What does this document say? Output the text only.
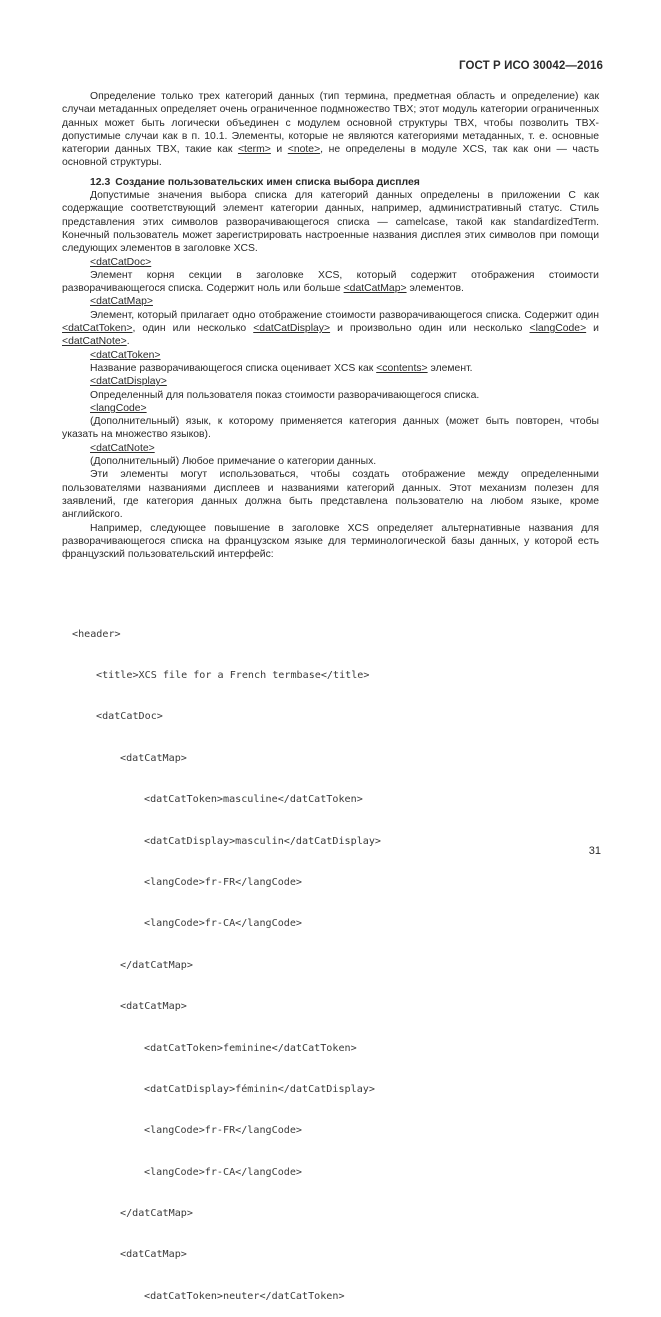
ГОСТ Р ИСО 30042—2016

Определение только трех категорий данных (тип термина, предметная область и определение) как случаи метаданных определяет очень ограниченное подмножество TBX; этот модуль категории ограниченных данных может быть логически объединен с модулем основной структуры TBX, чтобы позволить TBX-допустимые случаи как в п. 10.1. Элементы, которые не являются категориями метаданных, т. е. основные категории данных TBX, такие как <term> и <note>, не определены в модуле XCS, так как они — часть основной структуры.

12.3 Создание пользовательских имен списка выбора дисплея

Допустимые значения выбора списка для категорий данных определены в приложении C как содержащие соответствующий элемент категории данных, например, административный статус. Стиль представления этих символов разворачивающегося списка — camelcase, такой как standardizedTerm. Конечный пользователь может зарегистрировать настроенные названия дисплея этих символов при помощи следующих элементов в заголовке XCS.

<datCatDoc>

Элемент корня секции в заголовке XCS, который содержит отображения стоимости разворачивающегося списка. Содержит ноль или больше <datCatMap> элементов.

<datCatMap>

Элемент, который прилагает одно отображение стоимости разворачивающегося списка. Содержит один <datCatToken>, один или несколько <datCatDisplay> и произвольно один или несколько <langCode> и <datCatNote>.

<datCatToken>

Название разворачивающегося списка оценивает XCS как <contents> элемент.

<datCatDisplay>

Определенный для пользователя показ стоимости разворачивающегося списка.

<langCode>

(Дополнительный) язык, к которому применяется категория данных (может быть повторен, чтобы указать на множество языков).

<datCatNote>

(Дополнительный) Любое примечание о категории данных.

Эти элементы могут использоваться, чтобы создать отображение между определенными пользователями названиями дисплеев и названиями категорий данных. Этот механизм полезен для заявлений, где категория данных должна быть представлена пользователю на любом языке, кроме английского.

Например, следующее повышение в заголовке XCS определяет альтернативные названия для разворачивающегося списка на французском языке для терминологической базы данных, у которой есть французский пользовательский интерфейс:

<header>

<title>XCS file for a French termbase</title>

<datCatDoc>

<datCatMap>

<datCatToken>masculine</datCatToken>

<datCatDisplay>masculin</datCatDisplay>

<langCode>fr-FR</langCode>

<langCode>fr-CA</langCode>

</datCatMap>

<datCatMap>

<datCatToken>feminine</datCatToken>

<datCatDisplay>féminin</datCatDisplay>

<langCode>fr-FR</langCode>

<langCode>fr-CA</langCode>

</datCatMap>

<datCatMap>

<datCatToken>neuter</datCatToken>

31
